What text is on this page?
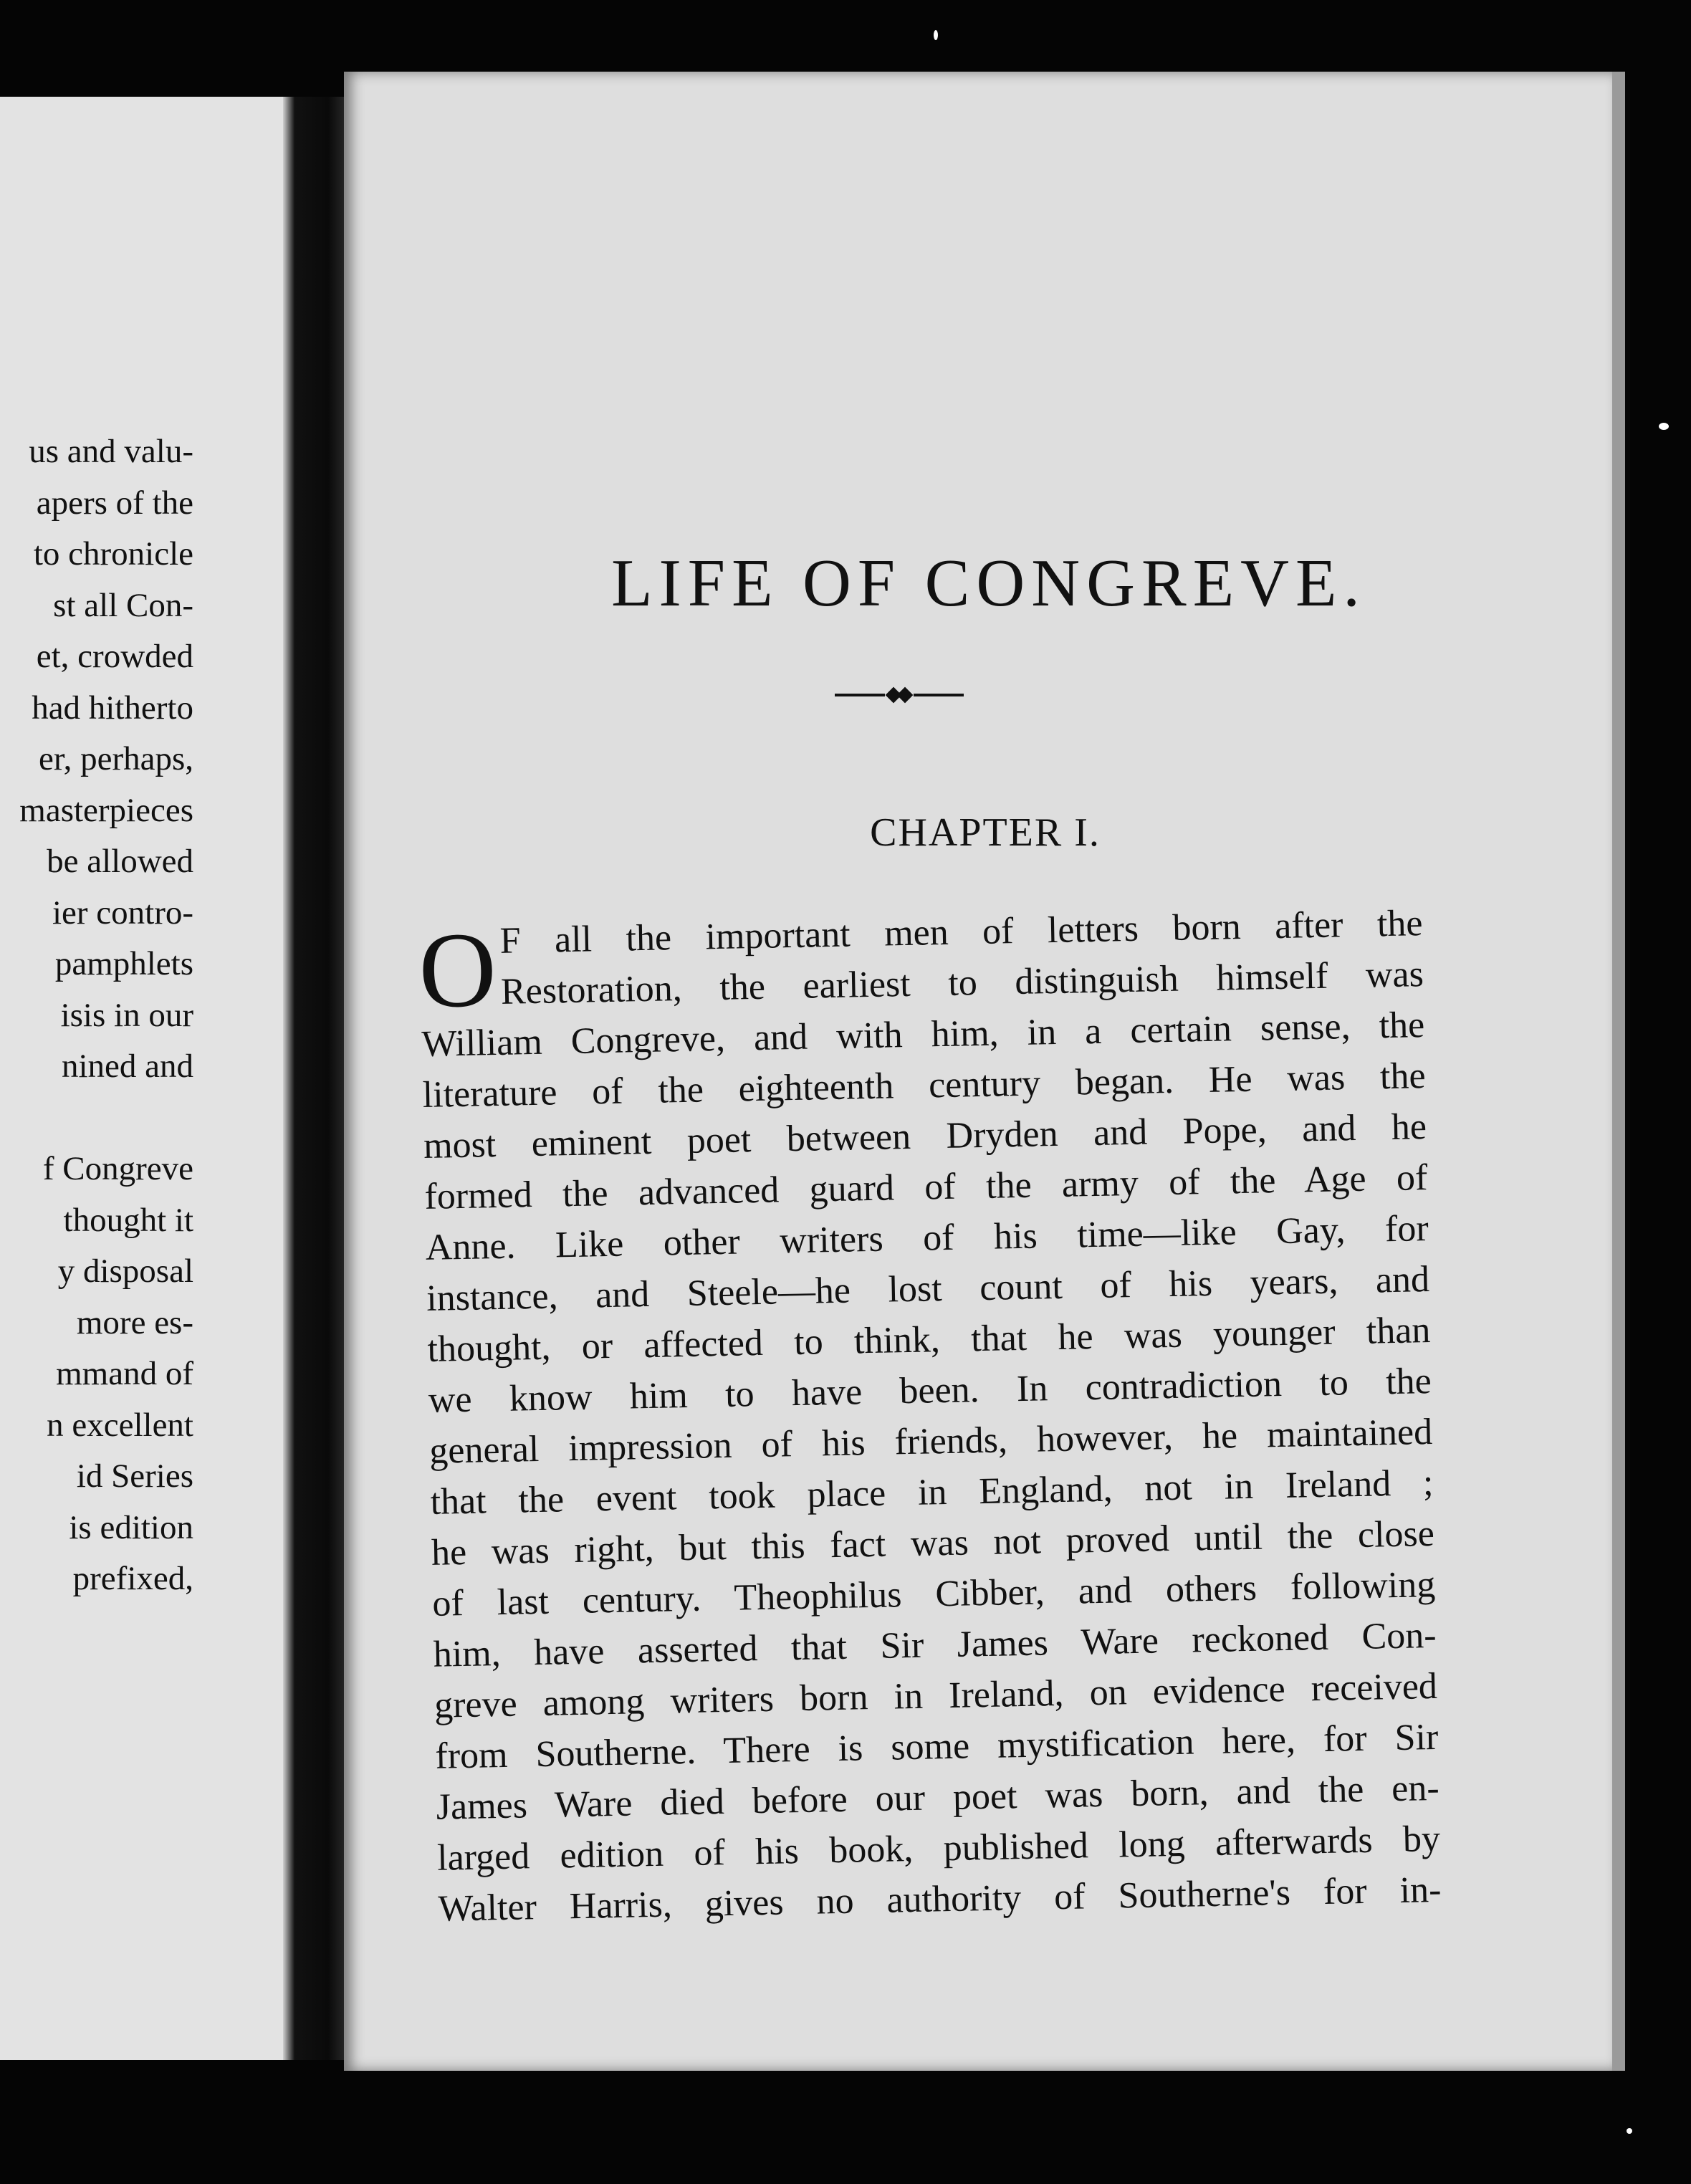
us and valu-
apers of the
to chronicle
st all Con-
et, crowded
had hitherto
er, perhaps,
masterpieces
be allowed
ier contro-
pamphlets
isis in our
nined and
f Congreve
thought it
y disposal
more es-
mmand of
n excellent
id Series
is edition
prefixed,
LIFE OF CONGREVE.
CHAPTER I.
O F all the important men of letters born after the
Restoration, the earliest to distinguish himself was
William Congreve, and with him, in a certain sense, the
literature of the eighteenth century began. He was the
most eminent poet between Dryden and Pope, and he
formed the advanced guard of the army of the Age of
Anne. Like other writers of his time—like Gay, for
instance, and Steele—he lost count of his years, and
thought, or affected to think, that he was younger than
we know him to have been. In contradiction to the
general impression of his friends, however, he maintained
that the event took place in England, not in Ireland ;
he was right, but this fact was not proved until the close
of last century. Theophilus Cibber, and others following
him, have asserted that Sir James Ware reckoned Con-
greve among writers born in Ireland, on evidence received
from Southerne. There is some mystification here, for Sir
James Ware died before our poet was born, and the en-
larged edition of his book, published long afterwards by
Walter Harris, gives no authority of Southerne's for in-
